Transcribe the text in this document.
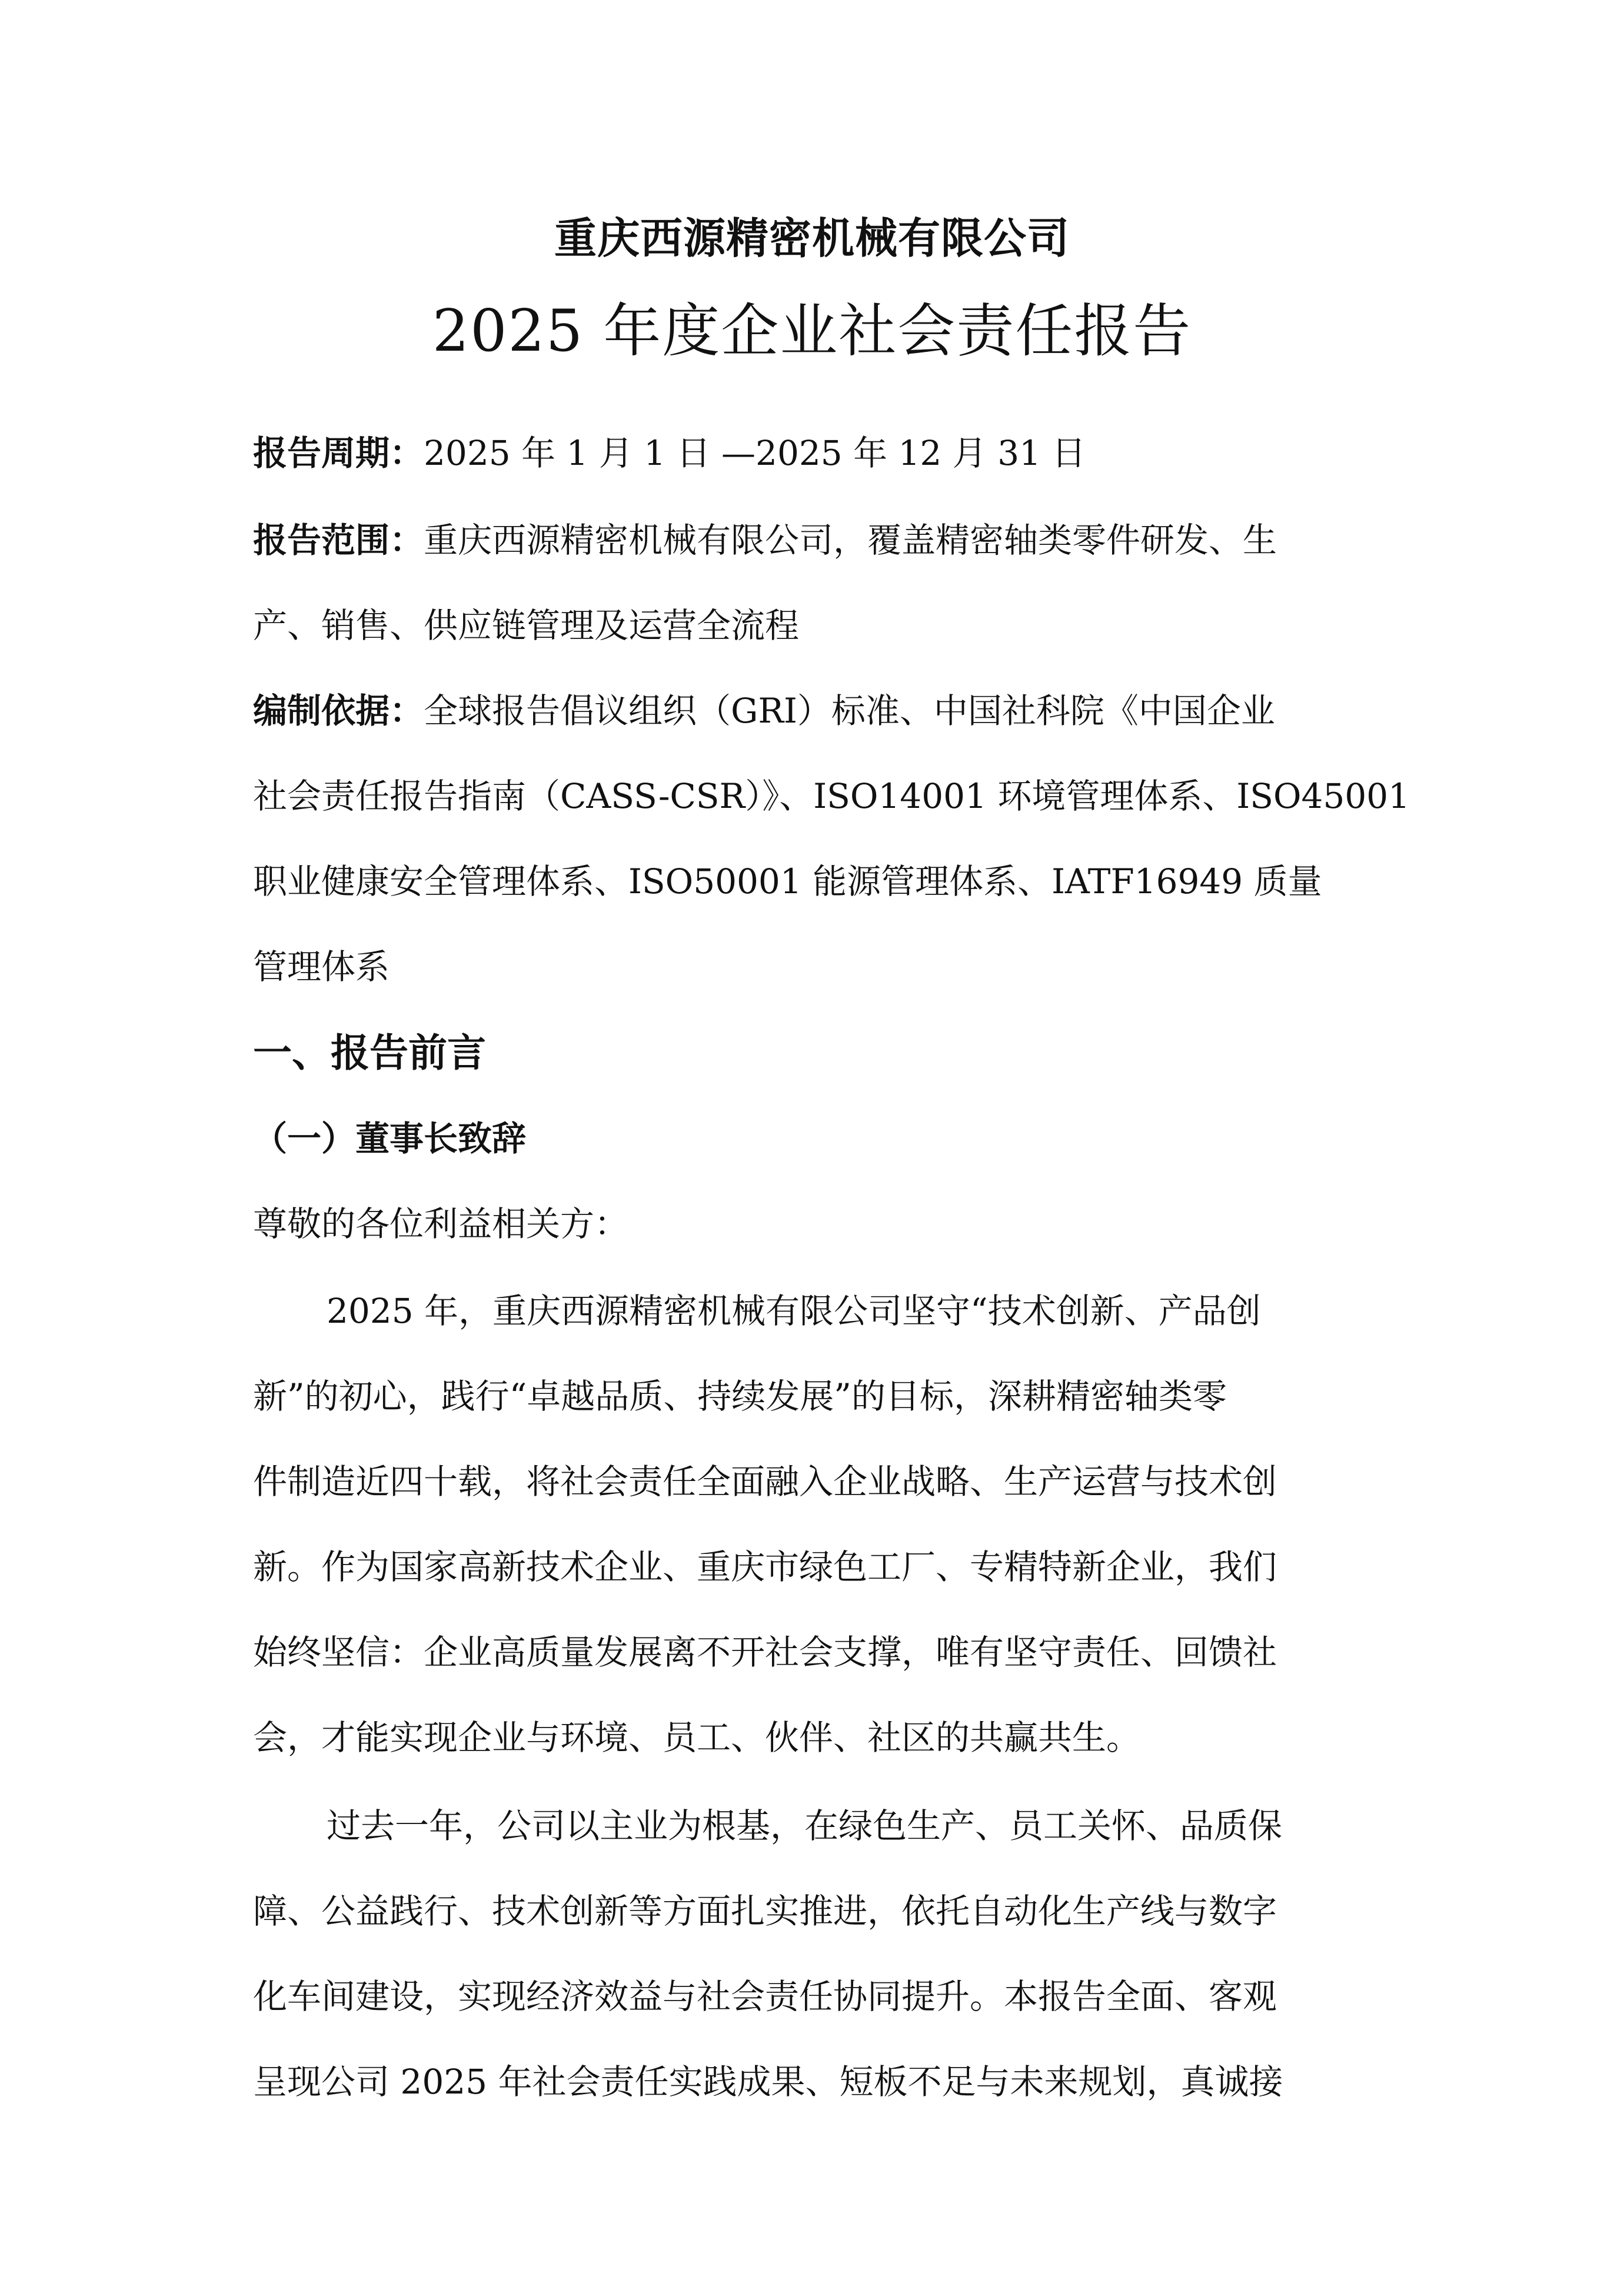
重庆西源精密机械有限公司
2025 年度企业社会责任报告
报告周期：2025 年 1 月 1 日 —2025 年 12 月 31 日
报告范围：重庆西源精密机械有限公司，覆盖精密轴类零件研发、生
产、销售、供应链管理及运营全流程
编制依据：全球报告倡议组织（GRI）标准、中国社科院《中国企业
社会责任报告指南（CASS-CSR）》、ISO14001 环境管理体系、ISO45001
职业健康安全管理体系、ISO50001 能源管理体系、IATF16949 质量
管理体系
一、报告前言
（一）董事长致辞
尊敬的各位利益相关方：
2025 年，重庆西源精密机械有限公司坚守“技术创新、产品创
新”的初心，践行“卓越品质、持续发展”的目标，深耕精密轴类零
件制造近四十载，将社会责任全面融入企业战略、生产运营与技术创
新。作为国家高新技术企业、重庆市绿色工厂、专精特新企业，我们
始终坚信：企业高质量发展离不开社会支撑，唯有坚守责任、回馈社
会，才能实现企业与环境、员工、伙伴、社区的共赢共生。
过去一年，公司以主业为根基，在绿色生产、员工关怀、品质保
障、公益践行、技术创新等方面扎实推进，依托自动化生产线与数字
化车间建设，实现经济效益与社会责任协同提升。本报告全面、客观
呈现公司 2025 年社会责任实践成果、短板不足与未来规划，真诚接
